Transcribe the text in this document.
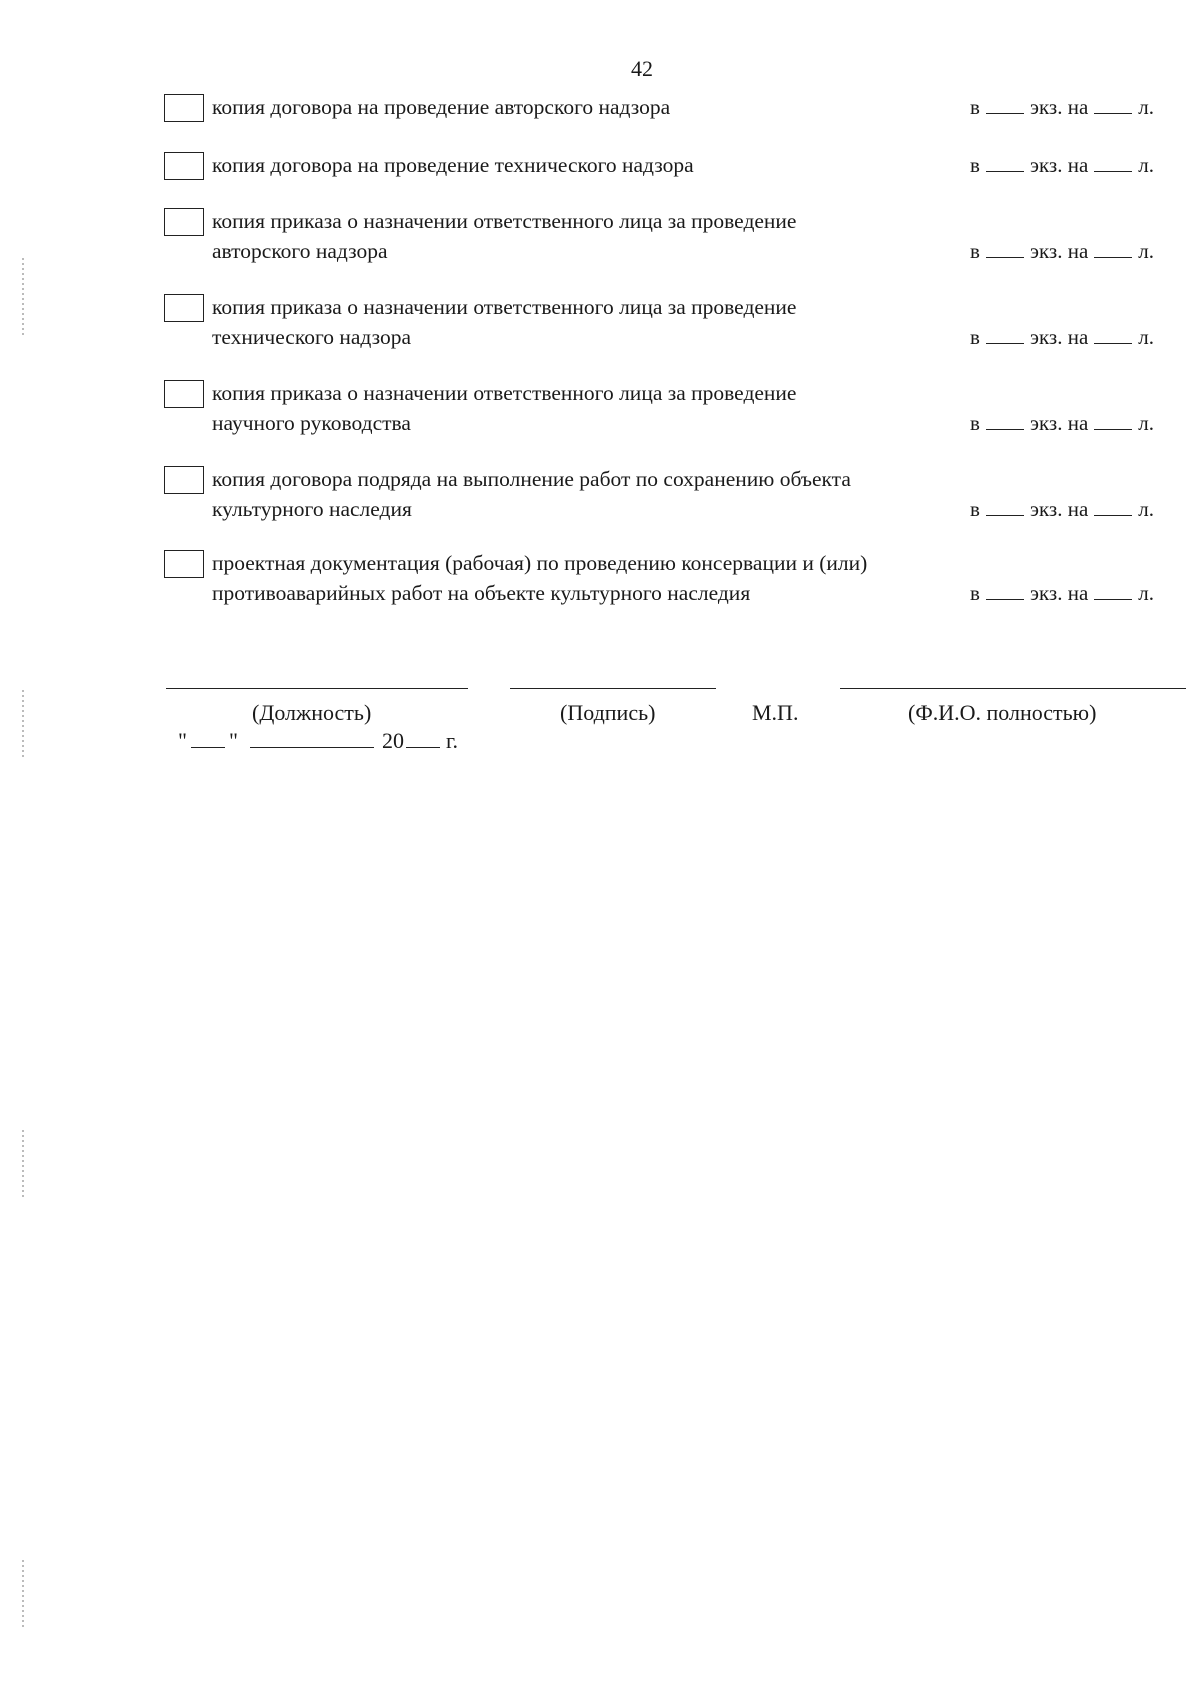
42
копия договора на проведение авторского надзора	в экз. на л.
копия договора на проведение технического надзора	в экз. на л.
копия приказа о назначении ответственного лица за проведение авторского надзора	в экз. на л.
копия приказа о назначении ответственного лица за проведение технического надзора	в экз. на л.
копия приказа о назначении ответственного лица за проведение научного руководства	в экз. на л.
копия договора подряда на выполнение работ по сохранению объекта культурного наследия	в экз. на л.
проектная документация (рабочая) по проведению консервации и (или) противоаварийных работ на объекте культурного наследия	в экз. на л.
(Должность)	(Подпись)	М.П.	(Ф.И.О. полностью)
" "	20 г.
